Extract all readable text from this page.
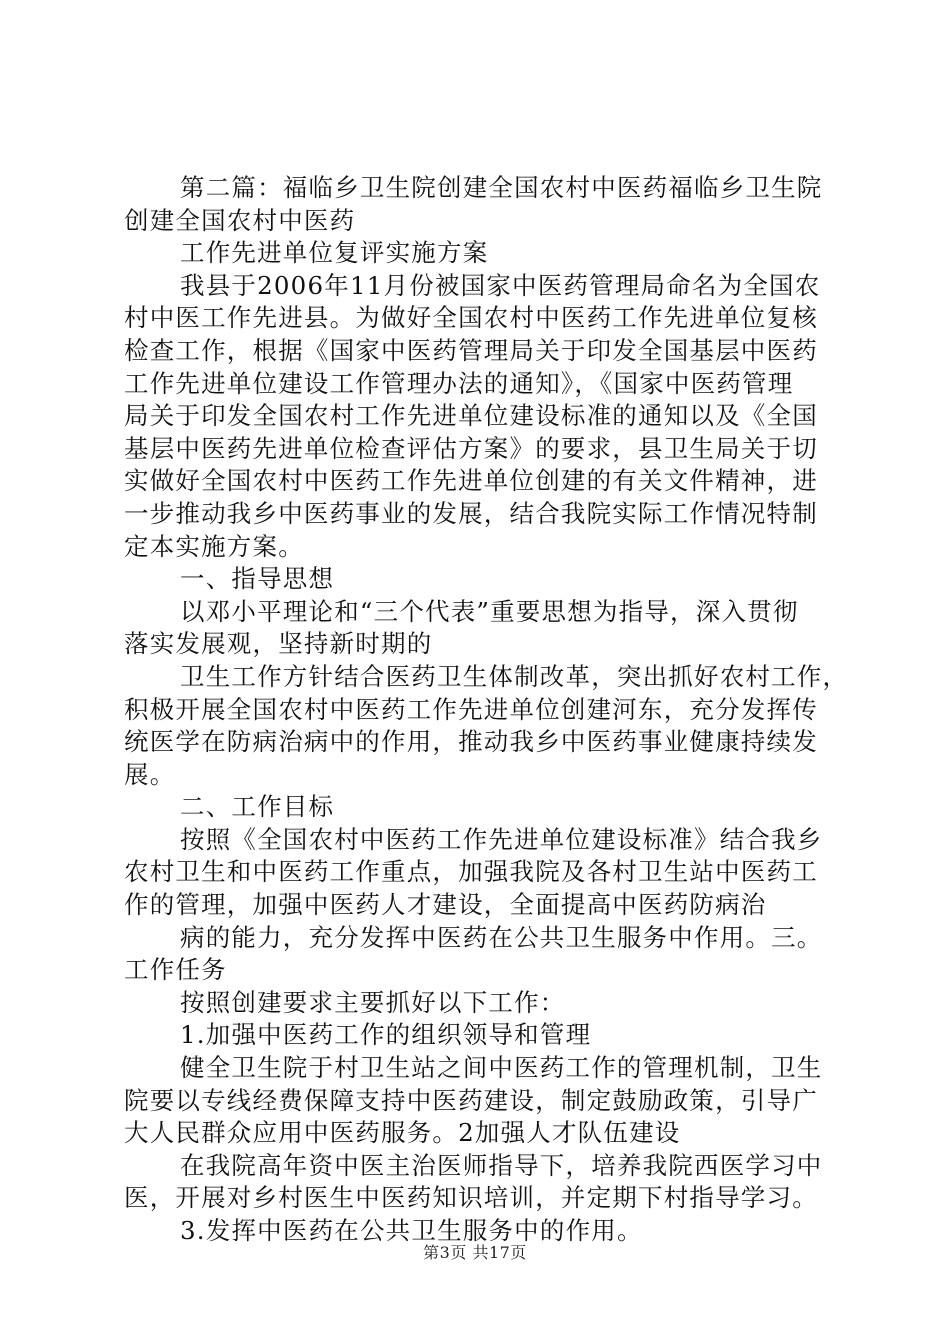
第二篇：福临乡卫生院创建全国农村中医药福临乡卫生院
创建全国农村中医药
工作先进单位复评实施方案
我县于2006年11月份被国家中医药管理局命名为全国农
村中医工作先进县。为做好全国农村中医药工作先进单位复核
检查工作，根据《国家中医药管理局关于印发全国基层中医药
工作先进单位建设工作管理办法的通知》，《国家中医药管理
局关于印发全国农村工作先进单位建设标准的通知以及《全国
基层中医药先进单位检查评估方案》的要求，县卫生局关于切
实做好全国农村中医药工作先进单位创建的有关文件精神，进
一步推动我乡中医药事业的发展，结合我院实际工作情况特制
定本实施方案。
一、指导思想
以邓小平理论和“三个代表”重要思想为指导，深入贯彻
落实发展观，坚持新时期的
卫生工作方针结合医药卫生体制改革，突出抓好农村工作，
积极开展全国农村中医药工作先进单位创建河东，充分发挥传
统医学在防病治病中的作用，推动我乡中医药事业健康持续发
展。
二、工作目标
按照《全国农村中医药工作先进单位建设标准》结合我乡
农村卫生和中医药工作重点，加强我院及各村卫生站中医药工
作的管理，加强中医药人才建设，全面提高中医药防病治
病的能力，充分发挥中医药在公共卫生服务中作用。三。
工作任务
按照创建要求主要抓好以下工作：
1.加强中医药工作的组织领导和管理
健全卫生院于村卫生站之间中医药工作的管理机制，卫生
院要以专线经费保障支持中医药建设，制定鼓励政策，引导广
大人民群众应用中医药服务。2加强人才队伍建设
在我院高年资中医主治医师指导下，培养我院西医学习中
医，开展对乡村医生中医药知识培训，并定期下村指导学习。
3.发挥中医药在公共卫生服务中的作用。
第3页 共17页
